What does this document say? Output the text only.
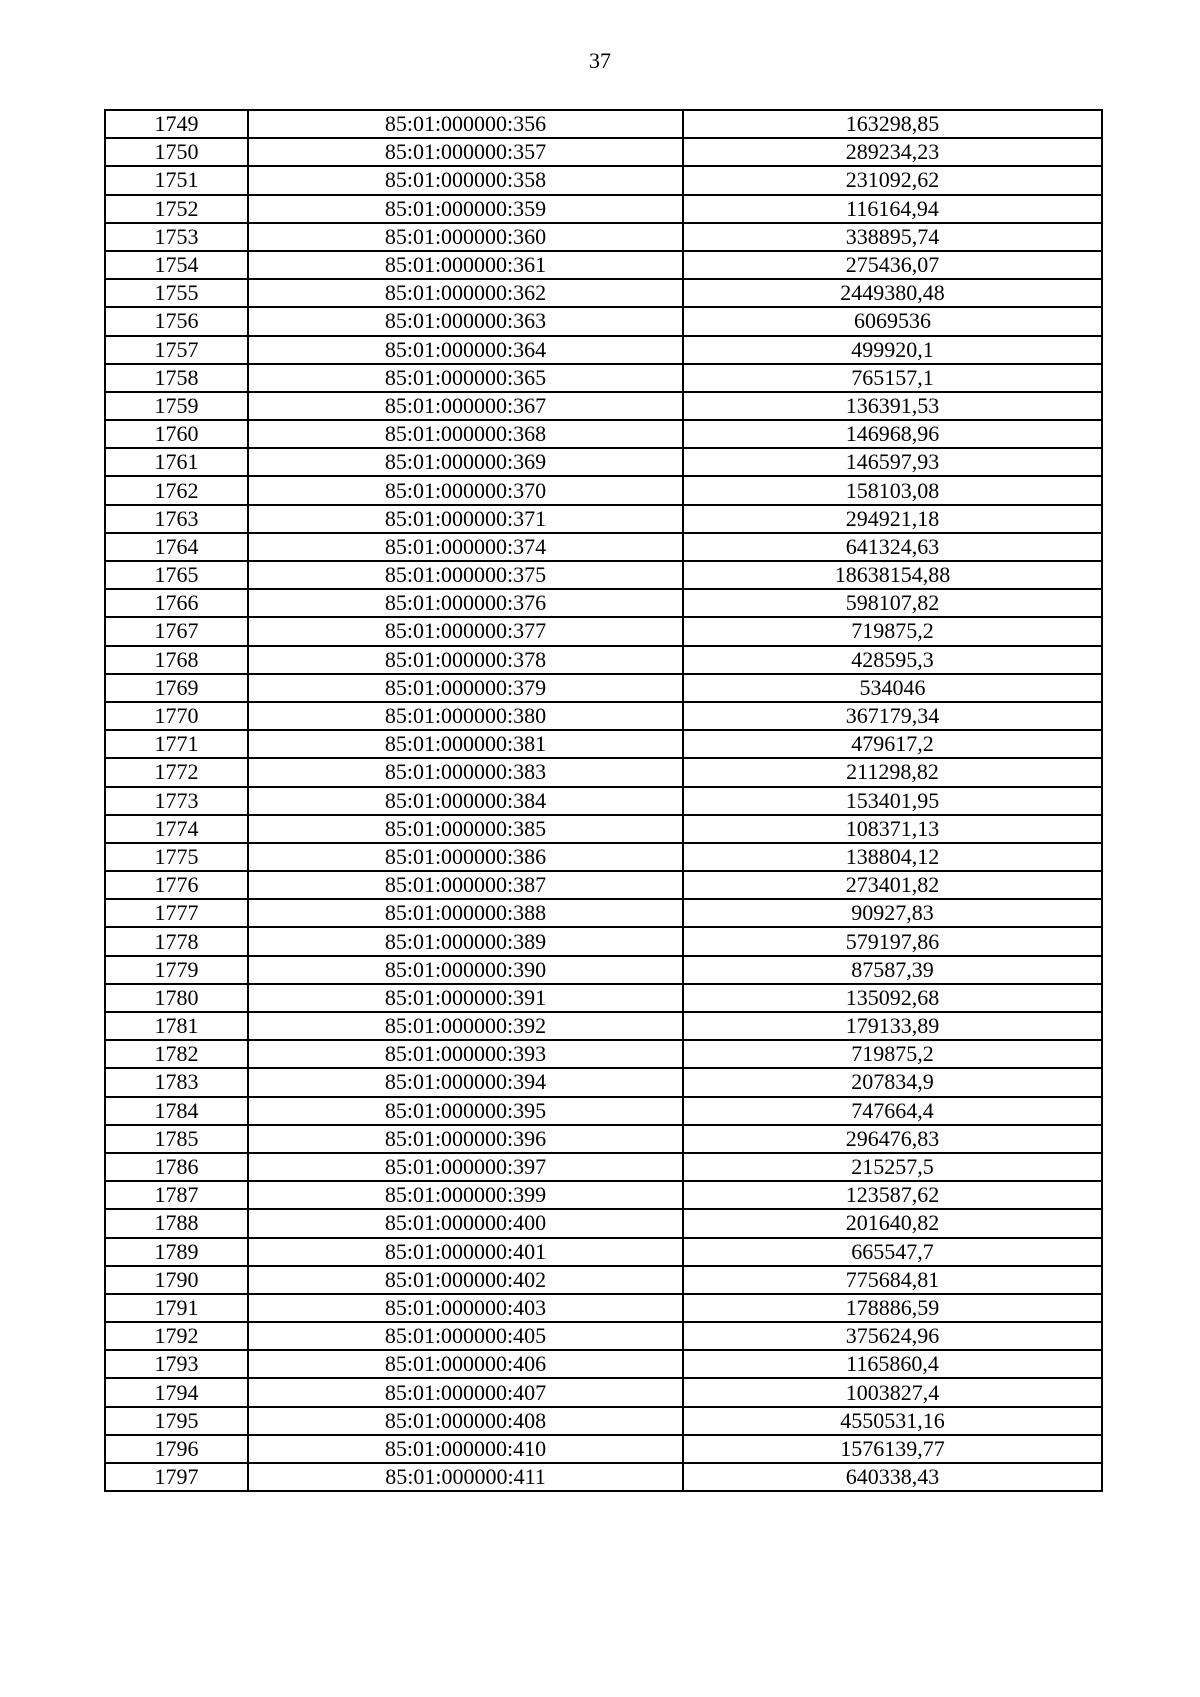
37
1749	85:01:000000:356	163298,85
1750	85:01:000000:357	289234,23
1751	85:01:000000:358	231092,62
1752	85:01:000000:359	116164,94
1753	85:01:000000:360	338895,74
1754	85:01:000000:361	275436,07
1755	85:01:000000:362	2449380,48
1756	85:01:000000:363	6069536
1757	85:01:000000:364	499920,1
1758	85:01:000000:365	765157,1
1759	85:01:000000:367	136391,53
1760	85:01:000000:368	146968,96
1761	85:01:000000:369	146597,93
1762	85:01:000000:370	158103,08
1763	85:01:000000:371	294921,18
1764	85:01:000000:374	641324,63
1765	85:01:000000:375	18638154,88
1766	85:01:000000:376	598107,82
1767	85:01:000000:377	719875,2
1768	85:01:000000:378	428595,3
1769	85:01:000000:379	534046
1770	85:01:000000:380	367179,34
1771	85:01:000000:381	479617,2
1772	85:01:000000:383	211298,82
1773	85:01:000000:384	153401,95
1774	85:01:000000:385	108371,13
1775	85:01:000000:386	138804,12
1776	85:01:000000:387	273401,82
1777	85:01:000000:388	90927,83
1778	85:01:000000:389	579197,86
1779	85:01:000000:390	87587,39
1780	85:01:000000:391	135092,68
1781	85:01:000000:392	179133,89
1782	85:01:000000:393	719875,2
1783	85:01:000000:394	207834,9
1784	85:01:000000:395	747664,4
1785	85:01:000000:396	296476,83
1786	85:01:000000:397	215257,5
1787	85:01:000000:399	123587,62
1788	85:01:000000:400	201640,82
1789	85:01:000000:401	665547,7
1790	85:01:000000:402	775684,81
1791	85:01:000000:403	178886,59
1792	85:01:000000:405	375624,96
1793	85:01:000000:406	1165860,4
1794	85:01:000000:407	1003827,4
1795	85:01:000000:408	4550531,16
1796	85:01:000000:410	1576139,77
1797	85:01:000000:411	640338,43
